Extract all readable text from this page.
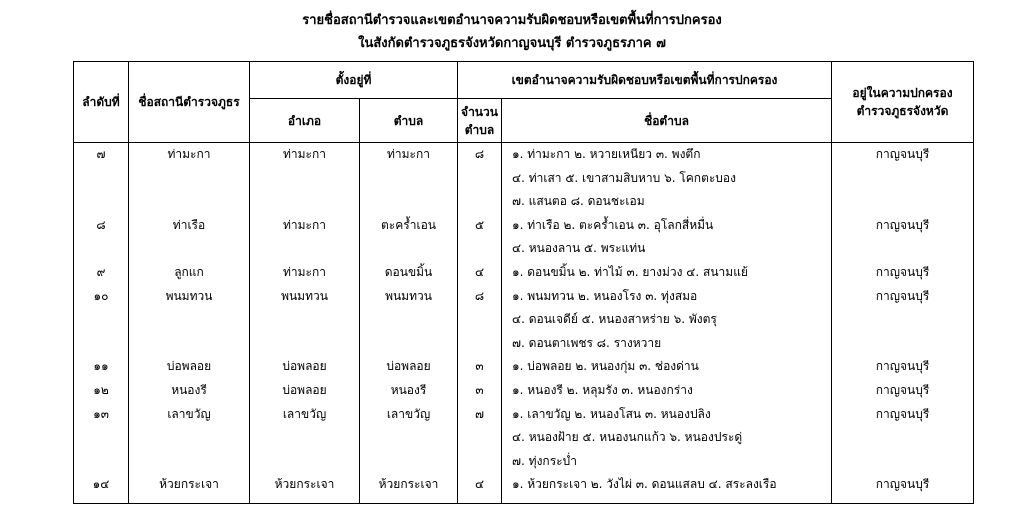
รายชื่อสถานีตำรวจและเขตอำนาจความรับผิดชอบหรือเขตพื้นที่การปกครอง
ในสังกัดตำรวจภูธรจังหวัดกาญจนบุรี ตำรวจภูธรภาค ๗
ลำดับที่	ชื่อสถานีตำรวจภูธร	ตั้งอยู่ที่		เขตอำนาจความรับผิดชอบหรือเขตพื้นที่การปกครอง		อยู่ในความปกครอง
ตำรวจภูธรจังหวัด

		อำเภอ	ตำบล	จำนวน
ตำบล	ชื่อตำบล	
๗	ท่ามะกา	ท่ามะกา	ท่ามะกา	๘	๑. ท่ามะกา ๒. หวายเหนียว ๓. พงตึก	กาญจนบุรี
					๔. ท่าเสา ๕. เขาสามสิบหาบ ๖. โคกตะบอง	
					๗. แสนตอ ๘. ดอนชะเอม	
๘	ท่าเรือ	ท่ามะกา	ตะคร้ำเอน	๕	๑. ท่าเรือ ๒. ตะคร้ำเอน ๓. อุโลกสี่หมื่น	กาญจนบุรี
					๔. หนองลาน ๕. พระแท่น	
๙	ลูกแก	ท่ามะกา	ดอนขมิ้น	๔	๑. ดอนขมิ้น ๒. ท่าไม้ ๓. ยางม่วง ๔. สนามแย้	กาญจนบุรี
๑๐	พนมทวน	พนมทวน	พนมทวน	๘	๑. พนมทวน ๒. หนองโรง ๓. ทุ่งสมอ	กาญจนบุรี
					๔. ดอนเจดีย์ ๕. หนองสาหร่าย ๖. พังตรุ	
					๗. ดอนตาเพชร ๘. รางหวาย	
๑๑	บ่อพลอย	บ่อพลอย	บ่อพลอย	๓	๑. บ่อพลอย ๒. หนองกุ่ม ๓. ช่องด่าน	กาญจนบุรี
๑๒	หนองรี	บ่อพลอย	หนองรี	๓	๑. หนองรี ๒. หลุมรัง ๓. หนองกร่าง	กาญจนบุรี
๑๓	เลาขวัญ	เลาขวัญ	เลาขวัญ	๗	๑. เลาขวัญ ๒. หนองโสน ๓. หนองปลิง	กาญจนบุรี
					๔. หนองฝ้าย ๕. หนองนกแก้ว ๖. หนองประดู่	
					๗. ทุ่งกระบ่ำ	
๑๔	ห้วยกระเจา	ห้วยกระเจา	ห้วยกระเจา	๔	๑. ห้วยกระเจา ๒. วังไผ่ ๓. ดอนแสลบ ๔. สระลงเรือ	กาญจนบุรี
